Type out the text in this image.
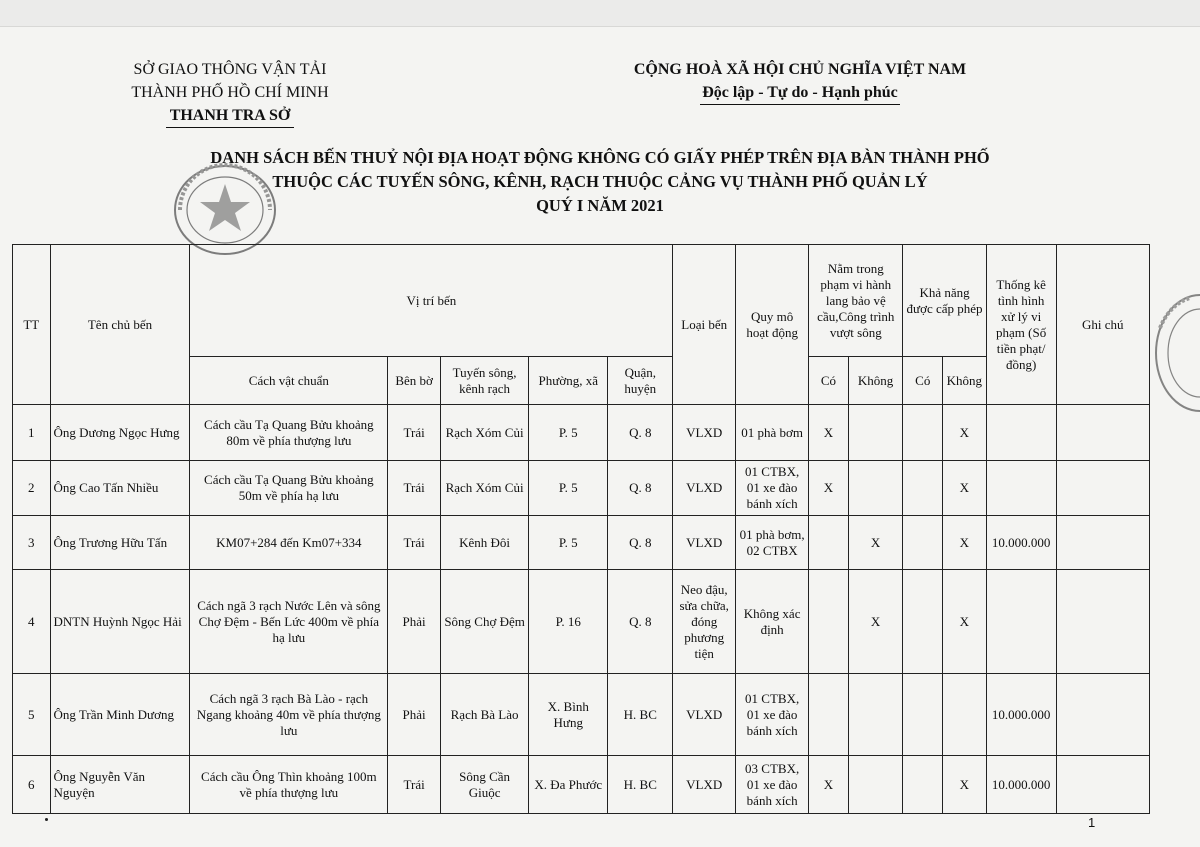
SỞ GIAO THÔNG VẬN TẢI
THÀNH PHỐ HỒ CHÍ MINH
THANH TRA SỞ
CỘNG HOÀ XÃ HỘI CHỦ NGHĨA VIỆT NAM
Độc lập - Tự do - Hạnh phúc
DANH SÁCH BẾN THUỶ NỘI ĐỊA HOẠT ĐỘNG KHÔNG CÓ GIẤY PHÉP TRÊN ĐỊA BÀN THÀNH PHỐ
THUỘC CÁC TUYẾN SÔNG, KÊNH, RẠCH THUỘC CẢNG VỤ THÀNH PHỐ QUẢN LÝ
QUÝ I NĂM 2021
TT	Tên chủ bến	Vị trí bến					Loại bến	Quy mô hoạt động	Nằm trong phạm vi hành lang bảo vệ cầu,Công trình vượt sông		Khả năng được cấp phép		Thống kê tình hình xử lý vi phạm (Số tiền phạt/đồng)	Ghi chú
		Cách vật chuẩn	Bên bờ	Tuyến sông, kênh rạch	Phường, xã	Quận, huyện			Có	Không	Có	Không		
1	Ông Dương Ngọc Hưng	Cách cầu Tạ Quang Bửu khoảng 80m về phía thượng lưu	Trái	Rạch Xóm Củi	P. 5	Q. 8	VLXD	01 phà bơm	X			X		
2	Ông Cao Tấn Nhiều	Cách cầu Tạ Quang Bửu khoảng 50m về phía hạ lưu	Trái	Rạch Xóm Củi	P. 5	Q. 8	VLXD	01 CTBX, 01 xe đào bánh xích	X			X		
3	Ông Trương Hữu Tấn	KM07+284 đến Km07+334	Trái	Kênh Đôi	P. 5	Q. 8	VLXD	01 phà bơm, 02 CTBX		X		X	10.000.000	
4	DNTN Huỳnh Ngọc Hải	Cách ngã 3 rạch Nước Lên và sông Chợ Đệm - Bến Lức 400m về phía hạ lưu	Phải	Sông Chợ Đệm	P. 16	Q. 8	Neo đậu, sửa chữa, đóng phương tiện	Không xác định		X		X		
5	Ông Trần Minh Dương	Cách ngã 3 rạch Bà Lào - rạch Ngang khoảng 40m về phía thượng lưu	Phải	Rạch Bà Lào	X. Bình Hưng	H. BC	VLXD	01 CTBX, 01 xe đào bánh xích					10.000.000	
6	Ông Nguyễn Văn Nguyện	Cách cầu Ông Thìn khoảng 100m về phía thượng lưu	Trái	Sông Cần Giuộc	X. Đa Phước	H. BC	VLXD	03 CTBX, 01 xe đào bánh xích	X			X	10.000.000	
1
